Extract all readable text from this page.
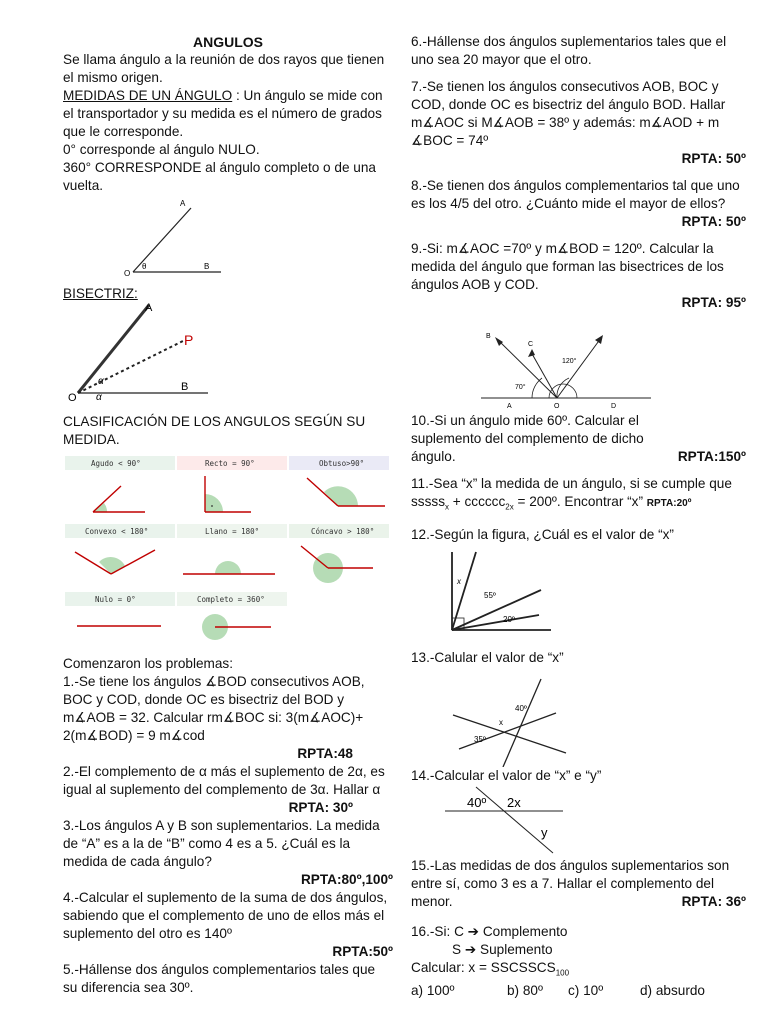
ANGULOS

Se llama ángulo a la reunión de dos rayos que tienen el mismo origen.

MEDIDAS DE UN ÁNGULO : Un ángulo se mide con el transportador y su medida es el número de grados que le corresponde.

0° corresponde al ángulo NULO.

360° CORRESPONDE al ángulo completo o de una vuelta.

A
O
θ	B

BISECTRIZ:

A
P
O
B
α
α

CLASIFICACIÓN DE LOS ANGULOS SEGÚN SU MEDIDA.

Agudo < 90°	Recto = 90°	Obtuso>90°
Convexo < 180°	Llano = 180°	Cóncavo > 180°
Nulo = 0°	Completo = 360°

Comenzaron los problemas:

1.-Se tiene los ángulos ∡BOD consecutivos AOB, BOC y COD, donde OC es bisectriz del BOD y m∡AOB = 32. Calcular rm∡BOC si: 3(m∡AOC)+ 2(m∡BOD) = 9 m∡cod

RPTA:48

2.-El complemento de α más el suplemento de 2α, es igual al suplemento del complemento de 3α. Hallar α

RPTA: 30º

3.-Los ángulos A y B son suplementarios. La medida de “A” es a la de “B” como 4 es a 5. ¿Cuál es la medida de cada ángulo?

RPTA:80º,100º

4.-Calcular el suplemento de la suma de dos ángulos, sabiendo que el complemento de uno de ellos más el suplemento del otro es 140º

RPTA:50º

5.-Hállense dos ángulos complementarios tales que su diferencia sea 30º.

6.-Hállense dos ángulos suplementarios tales que el uno sea 20 mayor que el otro.

7.-Se tienen los ángulos consecutivos AOB, BOC y COD, donde OC es bisectriz del ángulo BOD. Hallar m∡AOC si M∡AOB = 38º y además: m∡AOD + m ∡BOC = 74º

RPTA: 50º

8.-Se tienen dos ángulos complementarios tal que uno es los 4/5 del otro. ¿Cuánto mide el mayor de ellos?

RPTA: 50º

9.-Si: m∡AOC =70º y m∡BOD = 120º. Calcular la medida del ángulo que forman las bisectrices de los ángulos AOB y COD.

RPTA: 95º

B
C
120°
70°
A	O	D

10.-Si un ángulo mide 60º. Calcular el suplemento del complemento de dicho ángulo.	RPTA:150º

11.-Sea “x” la medida de un ángulo, si se cumple que sssss$_x$ + cccccc$_{2x}$ = 200º. Encontrar “x” RPTA:20º

12.-Según la figura, ¿Cuál es el valor de “x”

x
55º
20º

13.-Calular el valor de “x”

40º
x
35º

14.-Calcular el valor de “x” e “y”

40º 2x
y

15.-Las medidas de dos ángulos suplementarios son entre sí, como 3 es a 7. Hallar el complemento del menor.	RPTA: 36º

16.-Si: C ➔ Complemento

S ➔ Suplemento

Calcular: $x = SSCSSCS_{100}$

a) 100º	b) 80º	c) 10º	d) absurdo
